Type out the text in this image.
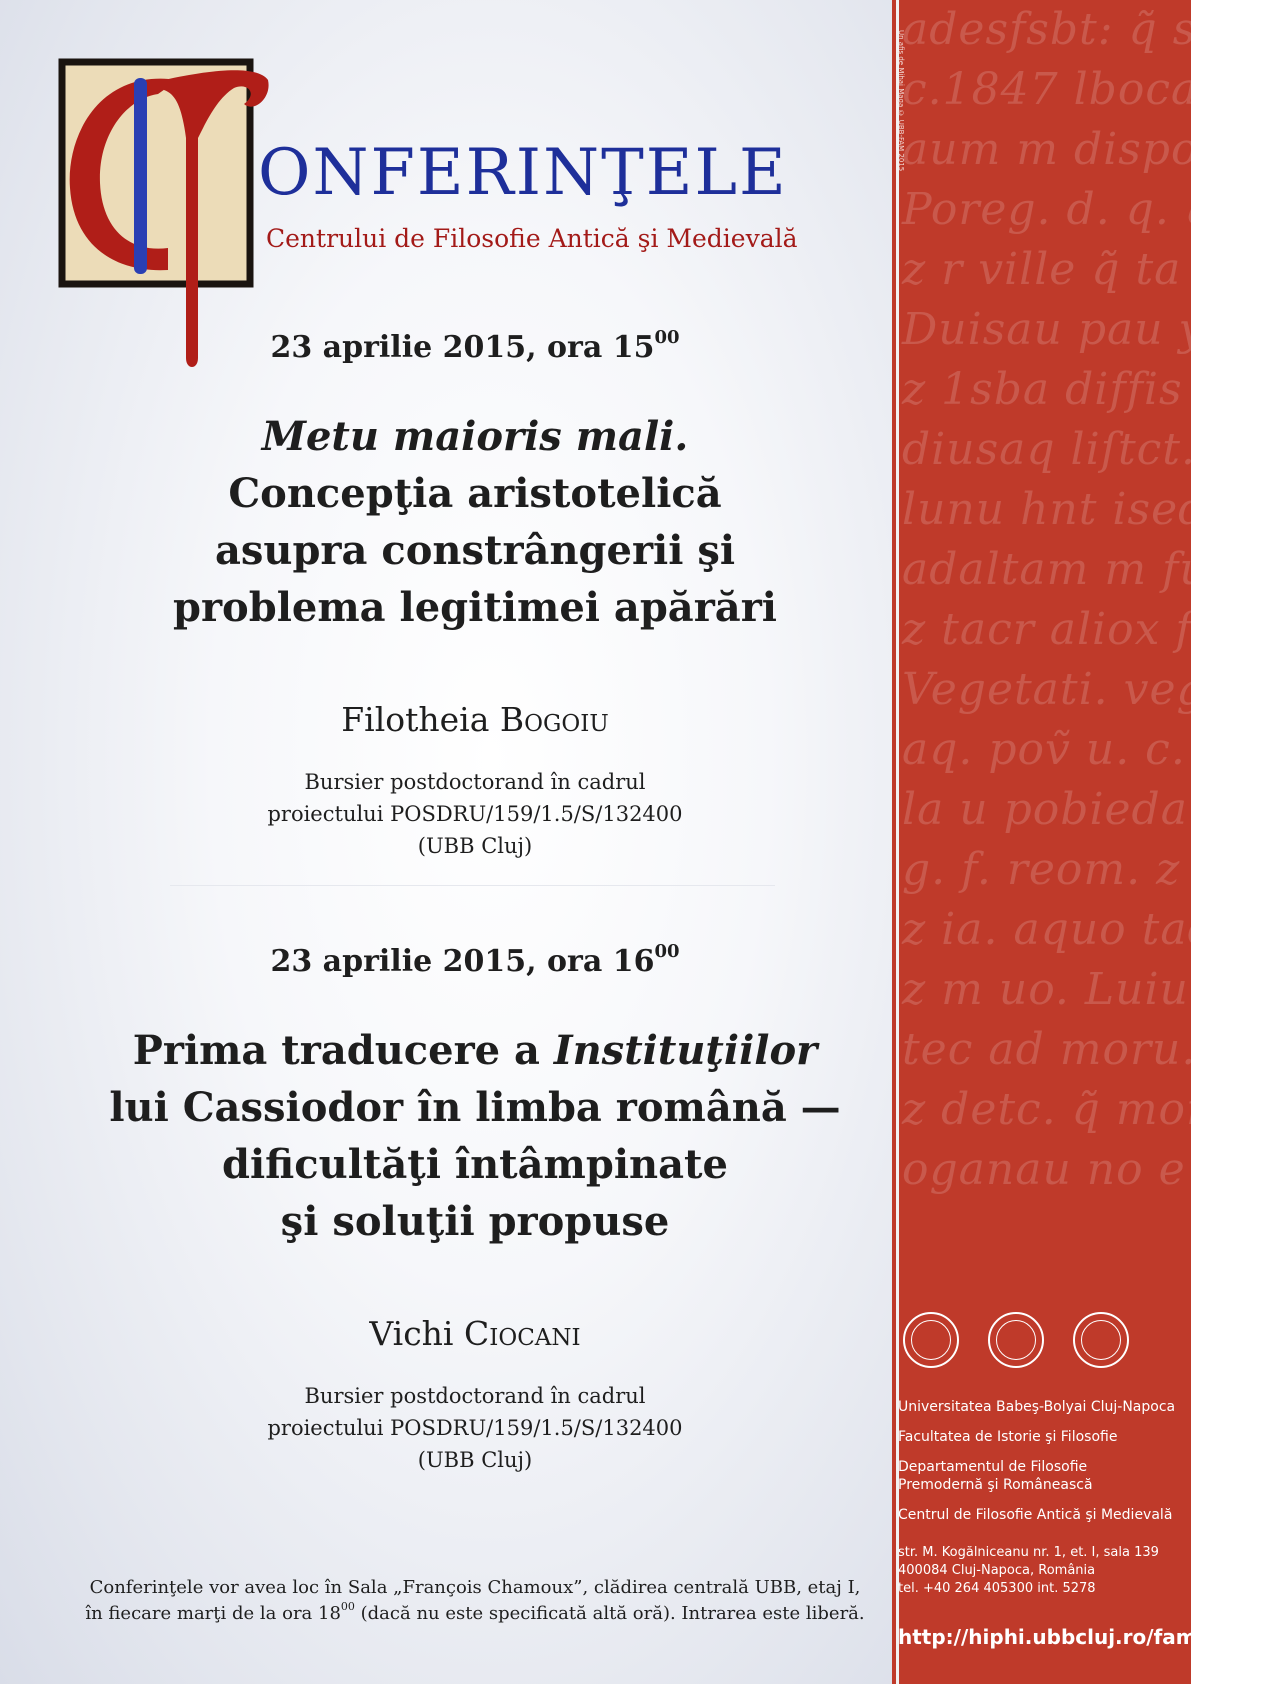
ONFERINŢELE
Centrului de Filosofie Antică şi Medievală
23 aprilie 2015, ora $15^{00}$
Metu maioris mali.
Concepţia aristotelică
asupra constrângerii şi
problema legitimei apărări
Filotheia Bogoiu
Bursier postdoctorand în cadrul
proiectului POSDRU/159/1.5/S/132400
(UBB Cluj)
23 aprilie 2015, ora $16^{00}$
Prima traducere a Instituţiilor
lui Cassiodor în limba română —
dificultăţi întâmpinate
şi soluţii propuse
Vichi Ciocani
Bursier postdoctorand în cadrul
proiectului POSDRU/159/1.5/S/132400
(UBB Cluj)
Conferinţele vor avea loc în Sala „François Chamoux”, clădirea centrală UBB, etaj I,
în fiecare marţi de la ora $18^{00}$ (dacă nu este specificată altă oră). Intrarea este liberă.
adesfsbt: q̃ sid
c.1847 lbocaſ
aum m dispone
Poreg. d. q. qua
z r ville q̃ ta
Duisau pau y
z 1sba diffis
diusaq liſtct.
lunu hnt isedu
adaltam m fuq
z tacr aliox fem
Vegetati. vegeta
aq. poṽ u. c. fre
la u pobieda
g. f. reom. z b
z ia. aquo tadq
z m uo. Luiu
tec ad moru. Ib
z detc. q̃ mor p
oganau no e
Un afiş de Mihai Maga © UBB-FAM 2015
Universitatea Babeş-Bolyai Cluj-Napoca
Facultatea de Istorie şi Filosofie
Departamentul de Filosofie
Premodernă şi Românească
Centrul de Filosofie Antică şi Medievală
str. M. Kogălniceanu nr. 1, et. I, sala 139
400084 Cluj-Napoca, România
tel. +40 264 405300 int. 5278
http://hiphi.ubbcluj.ro/fam
